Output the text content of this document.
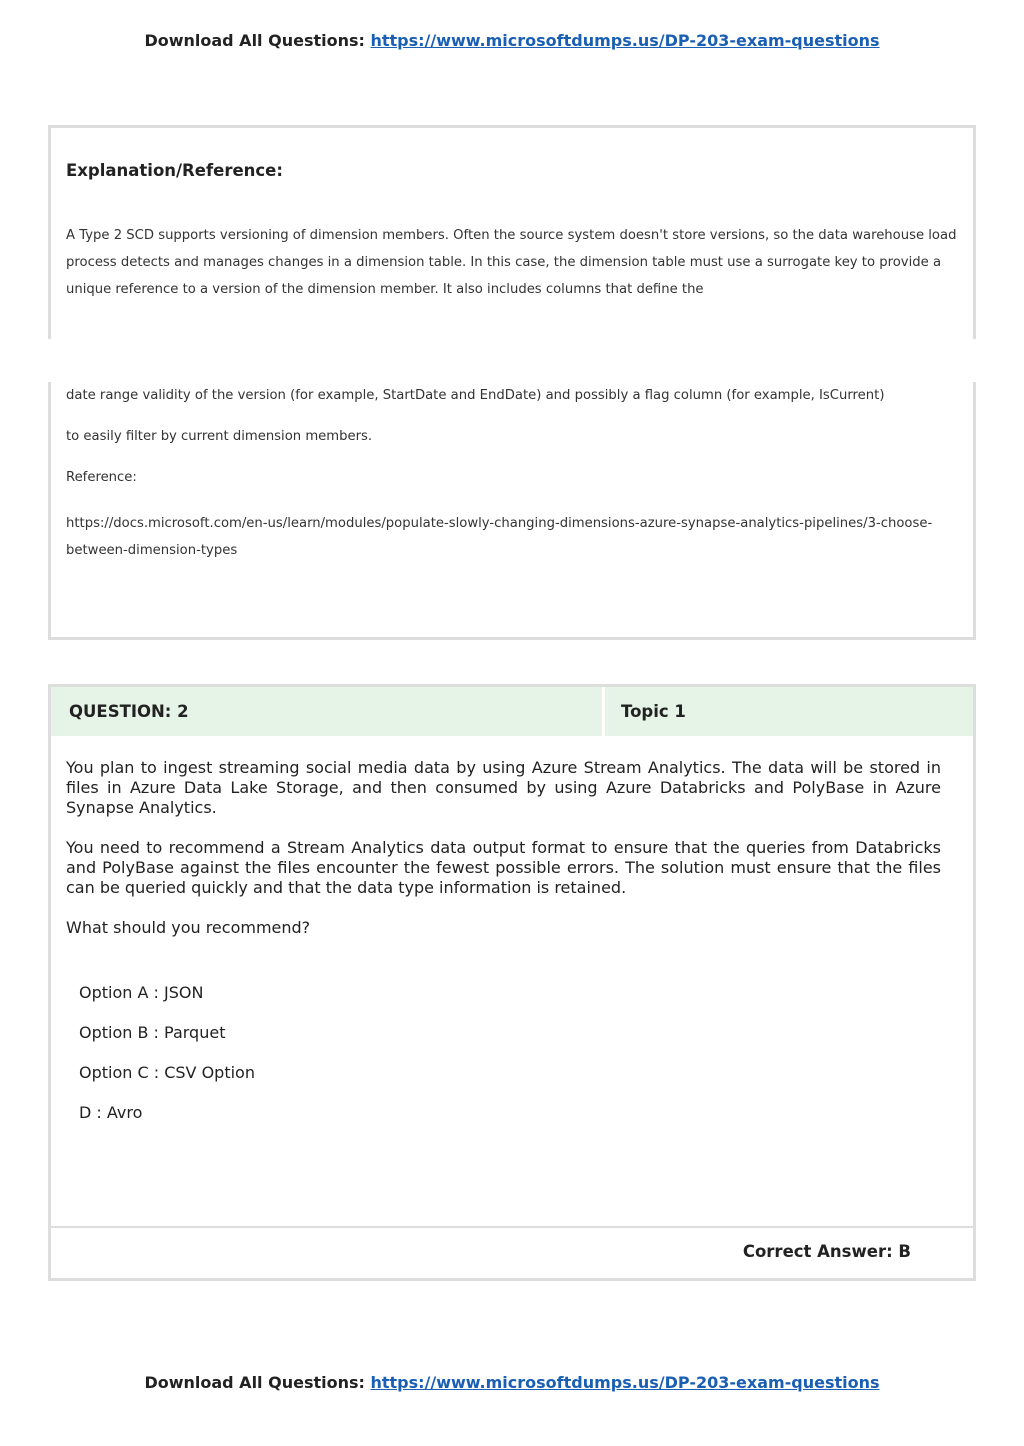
Download All Questions: https://www.microsoftdumps.us/DP-203-exam-questions
Explanation/Reference:

A Type 2 SCD supports versioning of dimension members. Often the source system doesn't store versions, so the data warehouse load process detects and manages changes in a dimension table. In this case, the dimension table must use a surrogate key to provide a unique reference to a version of the dimension member. It also includes columns that define the

date range validity of the version (for example, StartDate and EndDate) and possibly a flag column (for example, IsCurrent)

to easily filter by current dimension members.

Reference:

https://docs.microsoft.com/en-us/learn/modules/populate-slowly-changing-dimensions-azure-synapse-analytics-pipelines/3-choose-between-dimension-types

QUESTION: 2	Topic 1

You plan to ingest streaming social media data by using Azure Stream Analytics. The data will be stored in files in Azure Data Lake Storage, and then consumed by using Azure Databricks and PolyBase in Azure Synapse Analytics.

You need to recommend a Stream Analytics data output format to ensure that the queries from Databricks and PolyBase against the files encounter the fewest possible errors. The solution must ensure that the files can be queried quickly and that the data type information is retained.

What should you recommend?

Option A : JSON
Option B : Parquet
Option C : CSV Option
D : Avro
Correct Answer: B
Download All Questions: https://www.microsoftdumps.us/DP-203-exam-questions
